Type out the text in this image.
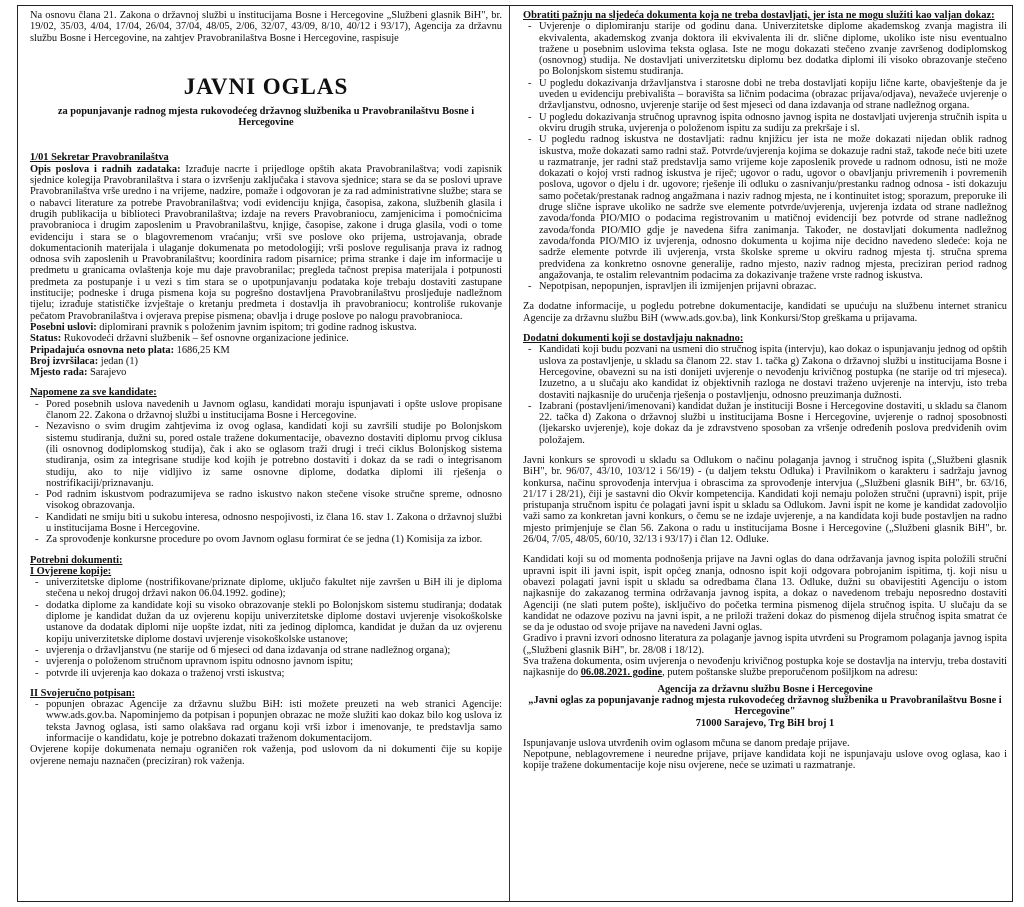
Na osnovu člana 21. Zakona o državnoj službi u institucijama Bosne i Hercegovine „Službeni glasnik BiH", br. 19/02, 35/03, 4/04, 17/04, 26/04, 37/04, 48/05, 2/06, 32/07, 43/09, 8/10, 40/12 i 93/17), Agencija za državnu službu Bosne i Hercegovine, na zahtjev Pravobranilaštva Bosne i Hercegovine, raspisuje

JAVNI OGLAS
za popunjavanje radnog mjesta rukovodećeg državnog službenika u Pravobranilaštvu Bosne i Hercegovine
1/01 Sekretar Pravobranilaštva

Opis poslova i radnih zadataka: Izrađuje nacrte i prijedloge opštih akata Pravobranilaštva; vodi zapisnik sjednice kolegija Pravobranilaštva i stara o izvršenju zaključaka i stavova sjednice; stara se da se poslovi uprave Pravobranilaštva vrše uredno i na vrijeme, nadzire, pomaže i odgovoran je za rad administrativne službe; stara se o nabavci literature za potrebe Pravobranilaštva; vodi evidenciju knjiga, časopisa, zakona, službenih glasila i drugih publikacija u biblioteci Pravobranilaštva; izdaje na revers Pravobraniocu, zamjenicima i pomoćnicima pravobranioca i drugim zaposlenim u Pravobranilaštvu, knjige, časopise, zakone i druga glasila, vodi o tome evidenciju i stara se o blagovremenom vraćanju; vrši sve poslove oko prijema, ustrojavanja, obrade dokumentacionih materijala i ulaganje dokumenata po metodologiji; vrši poslove regulisanja prava iz radnog odnosa svih zaposlenih u Pravobranilaštvu; koordinira radom pisarnice; prima stranke i daje im informacije u predmetu u granicama ovlaštenja koje mu daje pravobranilac; pregleda tačnost prepisa materijala i potpunosti predmeta za postupanje i u vezi s tim stara se o upotpunjavanju podataka koje trebaju dostaviti zastupane institucije; podneske i druga pismena koja su pogrešno dostavljena Pravobranilaštvu prosljeđuje nadležnom tijelu; izrađuje statističke izvještaje o kretanju predmeta i dostavlja ih pravobraniocu; kontroliše rukovanje pečatom Pravobranilaštva i ovjerava prepise pismena; obavlja i druge poslove po nalogu pravobranioca.

Posebni uslovi: diplomirani pravnik s položenim javnim ispitom; tri godine radnog iskustva.

Status: Rukovodeći državni službenik – šef osnovne organizacione jedinice.

Pripadajuća osnovna neto plata: 1686,25 KM

Broj izvršilaca: jedan (1)

Mjesto rada: Sarajevo

Napomene za sve kandidate:
- Pored posebnih uslova navedenih u Javnom oglasu, kandidati moraju ispunjavati i opšte uslove propisane članom 22. Zakona o državnoj službi u institucijama Bosne i Hercegovine.
- Nezavisno o svim drugim zahtjevima iz ovog oglasa, kandidati koji su završili studije po Bolonjskom sistemu studiranja, dužni su, pored ostale tražene dokumentacije, obavezno dostaviti diplomu prvog ciklusa (ili osnovnog dodiplomskog studija), čak i ako se oglasom traži drugi i treći ciklus Bolonjskog sistema studiranja, osim za integrisane studije kod kojih je potrebno dostaviti i dokaz da se radi o integrisanom studiju, ako to nije vidljivo iz same osnovne diplome, dodatka diplomi ili rješenja o nostrifikaciji/priznavanju.
- Pod radnim iskustvom podrazumijeva se radno iskustvo nakon stečene visoke stručne spreme, odnosno visokog obrazovanja.
- Kandidati ne smiju biti u sukobu interesa, odnosno nespojivosti, iz člana 16. stav 1. Zakona o državnoj službi u institucijama Bosne i Hercegovine.
- Za sprovođenje konkursne procedure po ovom Javnom oglasu formirat će se jedna (1) Komisija za izbor.
Potrebni dokumenti:
I Ovjerene kopije:
- univerzitetske diplome (nostrifikovane/priznate diplome, uključo fakultet nije završen u BiH ili je diploma stečena u nekoj drugoj državi nakon 06.04.1992. godine);
- dodatka diplome za kandidate koji su visoko obrazovanje stekli po Bolonjskom sistemu studiranja; dodatak diplome je kandidat dužan da uz ovjerenu kopiju univerzitetske diplome dostavi uvjerenje visokoškolske ustanove da dodatak diplomi nije uopšte izdat, niti za jedinog diplomca, kandidat je dužan da uz ovjerenu kopiju univerzitetske diplome dostavi uvjerenje visokoškolske ustanove;
- uvjerenja o državljanstvu (ne starije od 6 mjeseci od dana izdavanja od strane nadležnog organa);
- uvjerenja o položenom stručnom upravnom ispitu odnosno javnom ispitu;
- potvrde ili uvjerenja kao dokaza o traženoj vrsti iskustva;
II Svojeručno potpisan:
- popunjen obrazac Agencije za državnu službu BiH: isti možete preuzeti na web stranici Agencije: www.ads.gov.ba. Napominjemo da potpisan i popunjen obrazac ne može služiti kao dokaz bilo kog uslova iz teksta Javnog oglasa, isti samo olakšava rad organu koji vrši izbor i imenovanje, te predstavlja samo informacije o kandidatu, koje je potrebno dokazati traženom dokumentacijom.

Ovjerene kopije dokumenata nemaju ograničen rok važenja, pod uslovom da ni dokumenti čije su kopije ovjerene nemaju naznačen (preciziran) rok važenja.

Obratiti pažnju na sljedeća dokumenta koja ne treba dostavljati, jer ista ne mogu služiti kao valjan dokaz:
- Uvjerenje o diplomiranju starije od godinu dana. Univerzitetske diplome akademskog zvanja magistra ili ekvivalenta, akademskog zvanja doktora ili ekvivalenta ili dr. slične diplome, ukoliko iste nisu eventualno tražene u posebnim uslovima teksta oglasa. Iste ne mogu dokazati stečeno zvanje završenog dodiplomskog (osnovnog) studija. Ne dostavljati univerzitetsku diplomu bez dodatka diplomi ili visoko obrazovanje stečeno po Bolonjskom sistemu studiranja.
- U pogledu dokazivanja državljanstva i starosne dobi ne treba dostavljati kopiju lične karte, obavještenje da je uveden u evidenciju prebivališta – boravišta sa ličnim podacima (obrazac prijava/odjava), nevažeće uvjerenje o državljanstvu, odnosno, uvjerenje starije od šest mjeseci od dana izdavanja od strane nadležnog organa.
- U pogledu dokazivanja stručnog upravnog ispita odnosno javnog ispita ne dostavljati uvjerenja stručnih ispita u okviru drugih struka, uvjerenja o položenom ispitu za sudiju za prekršaje i sl.
- U pogledu radnog iskustva ne dostavljati: radnu knjižicu jer ista ne može dokazati nijedan oblik radnog iskustva, može dokazati samo radni staž. Potvrde/uvjerenja kojima se dokazuje radni staž, takođe neće biti uzete u razmatranje, jer radni staž predstavlja samo vrijeme koje zaposlenik provede u radnom odnosu, isti ne može dokazati o kojoj vrsti radnog iskustva je riječ; ugovor o radu, ugovor o obavljanju privremenih i povremenih poslova, ugovor o djelu i dr. ugovore; rješenje ili odluku o zasnivanju/prestanku radnog odnosa - isti dokazuju samo početak/prestanak radnog angažmana i naziv radnog mjesta, ne i kontinuitet istog; sporazum, preporuke ili druge slične isprave ukoliko ne sadrže sve elemente potvrde/uvjerenja, uvjerenja izdata od strane nadležnog zavoda/fonda PIO/MIO o podacima registrovanim u matičnoj evidenciji bez potvrde od strane nadležnog zavoda/fonda PIO/MIO gdje je navedena šifra zanimanja. Također, ne dostavljati dokumenta nadležnog zavoda/fonda PIO/MIO iz uvjerenja, odnosno dokumenta u kojima nije decidno navedeno sledeće: koja ne sadrže elemente potvrde ili uvjerenja, vrsta školske spreme u okviru radnog mjesta tj. stručna sprema predviđena za konkretno osnovne generalije, radno mjesto, naziv radnog mjesta, preciziran period radnog angažovanja, te ostalim relevantnim podacima za dokazivanje tražene vrste radnog iskustva.
- Nepotpisan, nepopunjen, ispravljen ili izmijenjen prijavni obrazac.

Za dodatne informacije, u pogledu potrebne dokumentacije, kandidati se upućuju na službenu internet stranicu Agencije za državnu službu BiH (www.ads.gov.ba), link Konkursi/Stop greškama u prijavama.

Dodatni dokumenti koji se dostavljaju naknadno:
- Kandidati koji budu pozvani na usmeni dio stručnog ispita (intervju), kao dokaz o ispunjavanju jednog od opštih uslova za postavljenje, u skladu sa članom 22. stav 1. tačka g) Zakona o državnoj službi u institucijama Bosne i Hercegovine, obavezni su na isti donijeti uvjerenje o nevođenju krivičnog postupka (ne starije od tri mjeseca). Izuzetno, a u slučaju ako kandidat iz objektivnih razloga ne dostavi traženo uvjerenje na intervju, isto treba dostaviti najkasnije do uručenja rješenja o postavljenju, odnosno preuzimanja dužnosti.
- Izabrani (postavljeni/imenovani) kandidat dužan je instituciji Bosne i Hercegovine dostaviti, u skladu sa članom 22. tačka d) Zakona o državnoj službi u institucijama Bosne i Hercegovine, uvjerenje o radnoj sposobnosti (ljekarsko uvjerenje), koje dokaz da je zdravstveno sposoban za vršenje određenih poslova predviđenih ovim položajem.

Javni konkurs se sprovodi u skladu sa Odlukom o načinu polaganja javnog i stručnog ispita („Službeni glasnik BiH", br. 96/07, 43/10, 103/12 i 56/19) - (u daljem tekstu Odluka) i Pravilnikom o karakteru i sadržaju javnog konkursa, načinu sprovođenja intervjua i obrascima za sprovođenje intervjua („Službeni glasnik BiH", br. 63/16, 21/17 i 28/21), čiji je sastavni dio Okvir kompetencija. Kandidati koji nemaju položen stručni (upravni) ispit, prije pristupanja stručnom ispitu će polagati javni ispit u skladu sa Odlukom. Javni ispit ne kome je kandidat zadovoljio važi samo za konkretan javni konkurs, o čemu se ne izdaje uvjerenje, a na kandidata koji bude postavljen na radno mjesto primjenjuje se član 56. Zakona o radu u institucijama Bosne i Hercegovine („Službeni glasnik BiH", br. 26/04, 7/05, 48/05, 60/10, 32/13 i 93/17) i član 12. Odluke.

Kandidati koji su od momenta podnošenja prijave na Javni oglas do dana održavanja javnog ispita položili stručni upravni ispit ili javni ispit, ispit općeg znanja, odnosno ispit koji odgovara pobrojanim ispitima, tj. koji nisu u obavezi polagati javni ispit u skladu sa odredbama člana 13. Odluke, dužni su obavijestiti Agenciju o istom najkasnije do zakazanog termina održavanja javnog ispita, a dokaz o navedenom trebaju neposredno dostaviti Agenciji (ne slati putem pošte), isključivo do početka termina pismenog dijela stručnog ispita. U slučaju da se kandidat ne odazove pozivu na javni ispit, a ne priloži traženi dokaz do pismenog dijela stručnog ispita smatrat će se da je odustao od svoje prijave na navedeni Javni oglas.

Gradivo i pravni izvori odnosno literatura za polaganje javnog ispita utvrđeni su Programom polaganja javnog ispita („Službeni glasnik BiH", br. 28/08 i 18/12).

Sva tražena dokumenta, osim uvjerenja o nevođenju krivičnog postupka koje se dostavlja na intervju, treba dostaviti najkasnije do 06.08.2021. godine, putem poštanske službe preporučenom pošiljkom na adresu:

Agencija za državnu službu Bosne i Hercegovine
„Javni oglas za popunjavanje radnog mjesta rukovodećeg državnog službenika u Pravobranilaštvu Bosne i Hercegovine"
71000 Sarajevo, Trg BiH broj 1

Ispunjavanje uslova utvrđenih ovim oglasom mčuna se danom predaje prijave.

Nepotpune, neblagovremene i neuredne prijave, prijave kandidata koji ne ispunjavaju uslove ovog oglasa, kao i kopije tražene dokumentacije koje nisu ovjerene, neće se uzimati u razmatranje.
